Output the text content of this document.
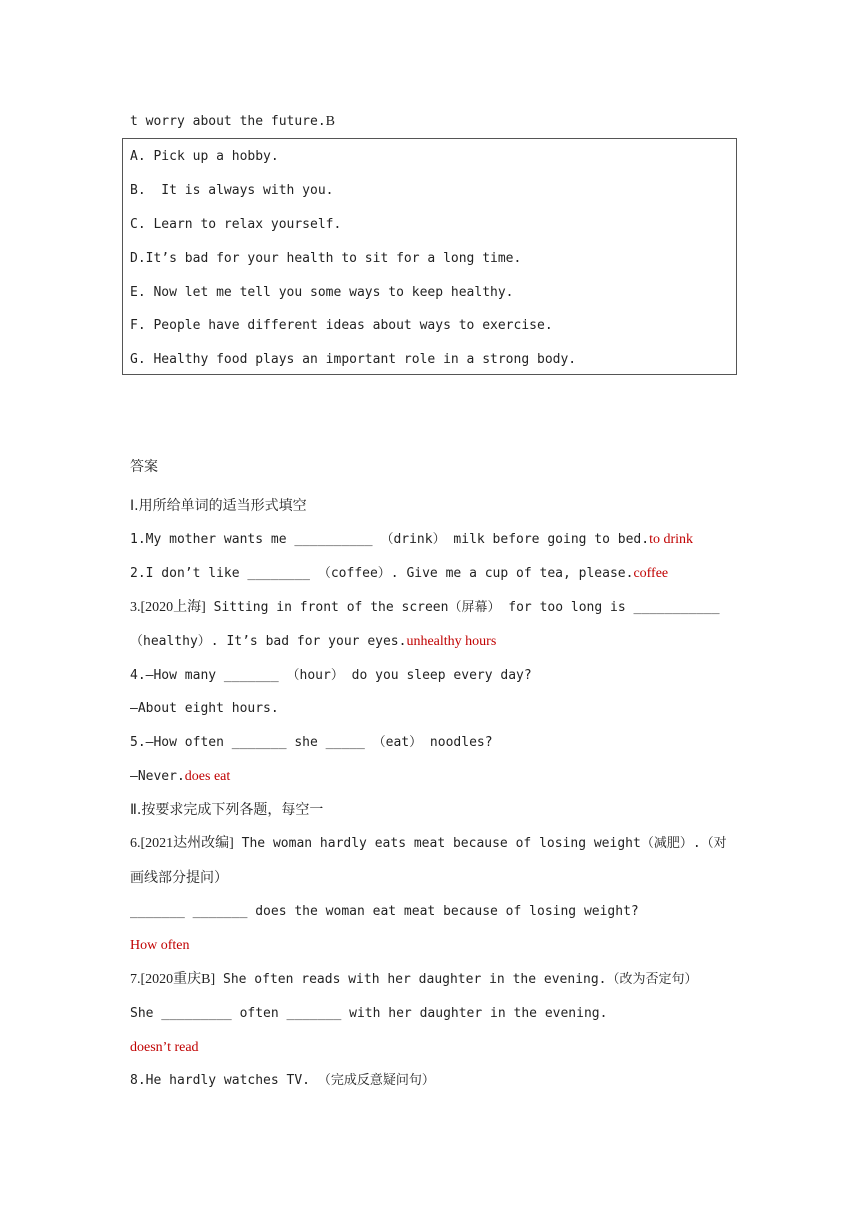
t worry about the future.B
A. Pick up a hobby.
B.  It is always with you.
C. Learn to relax yourself.
D.It’s bad for your health to sit for a long time.
E. Now let me tell you some ways to keep healthy.
F. People have different ideas about ways to exercise.
G. Healthy food plays an important role in a strong body.
答案
Ⅰ.用所给单词的适当形式填空
1.My mother wants me __________ （drink） milk before going to bed.to drink
2.I don’t like ________ （coffee）. Give me a cup of tea, please.coffee
3.[2020上海] Sitting in front of the screen（屏幕） for too long is ___________
（healthy）. It’s bad for your eyes.unhealthy hours
4.—How many _______ （hour） do you sleep every day?
—About eight hours.
5.—How often _______ she _____ （eat） noodles?
—Never.does eat
Ⅱ.按要求完成下列各题，每空一
6.[2021达州改编] The woman hardly eats meat because of losing weight（减肥）.（对
画线部分提问）
_______ _______ does the woman eat meat because of losing weight?
How often
7.[2020重庆B] She often reads with her daughter in the evening.（改为否定句）
She _________ often _______ with her daughter in the evening.
doesn’t read
8.He hardly watches TV. （完成反意疑问句）
